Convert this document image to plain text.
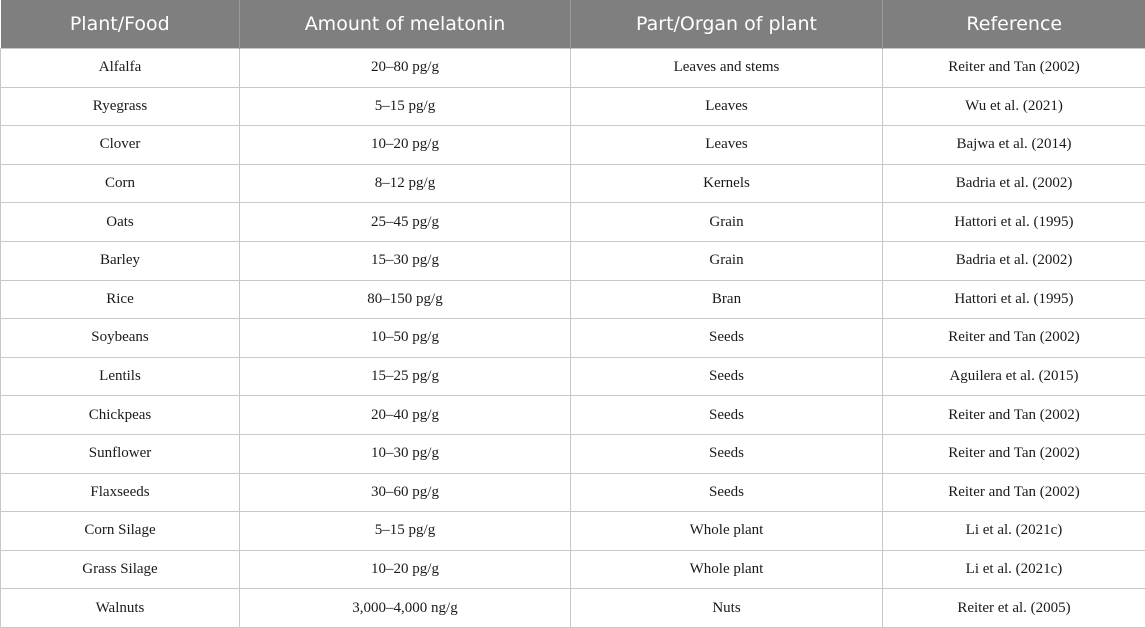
Plant/Food	Amount of melatonin	Part/Organ of plant	Reference
Alfalfa	20–80 pg/g	Leaves and stems	Reiter and Tan (2002)
Ryegrass	5–15 pg/g	Leaves	Wu et al. (2021)
Clover	10–20 pg/g	Leaves	Bajwa et al. (2014)
Corn	8–12 pg/g	Kernels	Badria et al. (2002)
Oats	25–45 pg/g	Grain	Hattori et al. (1995)
Barley	15–30 pg/g	Grain	Badria et al. (2002)
Rice	80–150 pg/g	Bran	Hattori et al. (1995)
Soybeans	10–50 pg/g	Seeds	Reiter and Tan (2002)
Lentils	15–25 pg/g	Seeds	Aguilera et al. (2015)
Chickpeas	20–40 pg/g	Seeds	Reiter and Tan (2002)
Sunflower	10–30 pg/g	Seeds	Reiter and Tan (2002)
Flaxseeds	30–60 pg/g	Seeds	Reiter and Tan (2002)
Corn Silage	5–15 pg/g	Whole plant	Li et al. (2021c)
Grass Silage	10–20 pg/g	Whole plant	Li et al. (2021c)
Walnuts	3,000–4,000 ng/g	Nuts	Reiter et al. (2005)
